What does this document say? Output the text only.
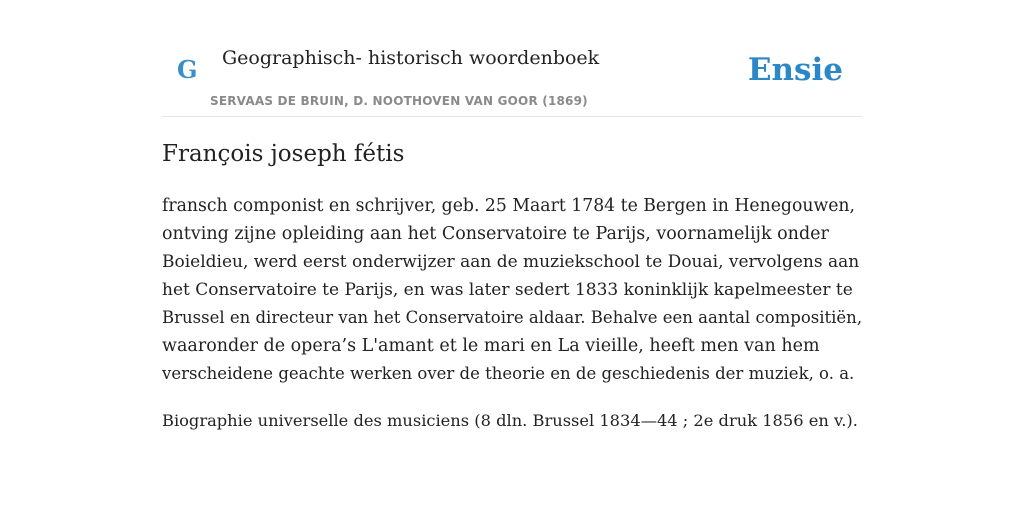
G Geographisch- historisch woordenboek
SERVAAS DE BRUIN, D. NOOTHOVEN VAN GOOR (1869)
Ensie
François joseph fétis

fransch componist en schrijver, geb. 25 Maart 1784 te Bergen in Henegouwen,
ontving zijne opleiding aan het Conservatoire te Parijs, voornamelijk onder
Boieldieu, werd eerst onderwijzer aan de muziekschool te Douai, vervolgens aan
het Conservatoire te Parijs, en was later sedert 1833 koninklijk kapelmeester te
Brussel en directeur van het Conservatoire aldaar. Behalve een aantal compositiën,
waaronder de opera’s L'amant et le mari en La vieille, heeft men van hem
verscheidene geachte werken over de theorie en de geschiedenis der muziek, o. a.

Biographie universelle des musiciens (8 dln. Brussel 1834—44 ; 2e druk 1856 en v.).
